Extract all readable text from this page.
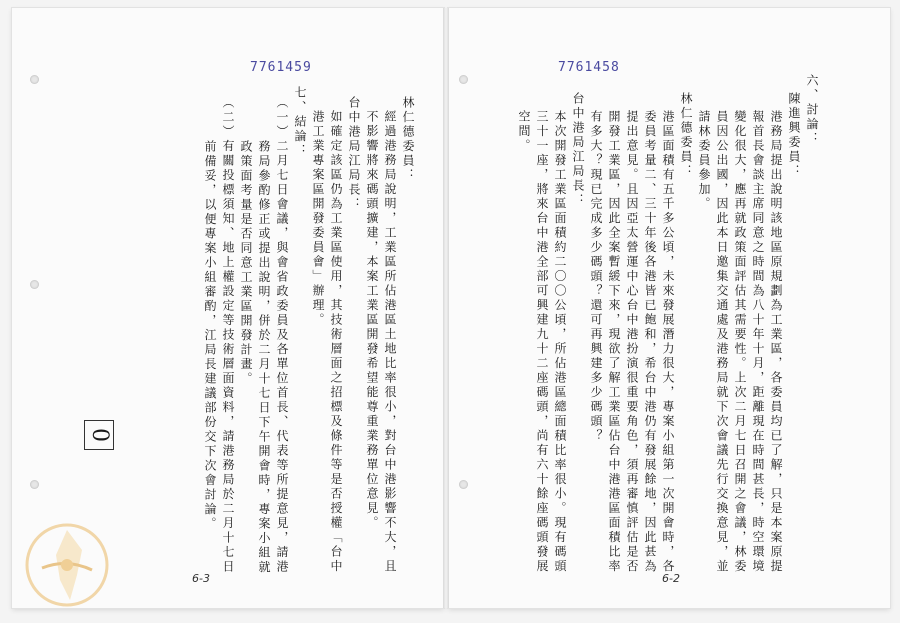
7761459	7761458
六、討論：
陳進興委員：
港務局提出說明該地區原規劃為工業區，各委員均已了解，只是本案原提
報首長會談主席同意之時間為八十年十月，距離現在時間甚長，時空環境
變化很大，應再就政策面評估其需要性。上次二月七日召開之會議，林委
員因公出國，因此本日邀集交通處及港務局就下次會議先行交換意見，並
請林委員參加。
林仁德委員：
港區面積有五千多公頃，未來發展潛力很大，專案小組第一次開會時，各
委員考量二、三十年後各港皆已飽和，希台中港仍有發展餘地，因此甚為
提出意見。且因亞太營運中心台中港扮演很重要角色，須再審慎評估是否
開發工業區，因此全案暫緩下來，現欲了解工業區佔台中港港區面積比率
有多大？現已完成多少碼頭？還可再興建多少碼頭？
台中港局江局長：
本次開發工業區面積約二〇〇公頃，所佔港區總面積比率很小。現有碼頭
三十一座，將來台中港全部可興建九十二座碼頭，尚有六十餘座碼頭發展
空間。
林仁德委員：
經過港務局說明，工業區所佔港區土地比率很小，對台中港影響不大，且
不影響將來碼頭擴建，本案工業區開發希望能尊重業務單位意見。
台中港局江局長：
如確定該區仍為工業區使用，其技術層面之招標及條件等是否授權「台中
港工業專案區開發委員會」辦理。
七、結論：
（一）二月七日會議，與會省政委員及各單位首長、代表等所提意見，請港
務局參酌修正或提出說明，併於二月十七日下午開會時，專案小組就
政策面考量是否同意工業區開發計畫。
（二）有關投標須知、地上權設定等技術層面資料，請港務局於二月十七日
前備妥，以便專案小組審酌，江局長建議部份交下次會討論。
0
6-3	6-2
